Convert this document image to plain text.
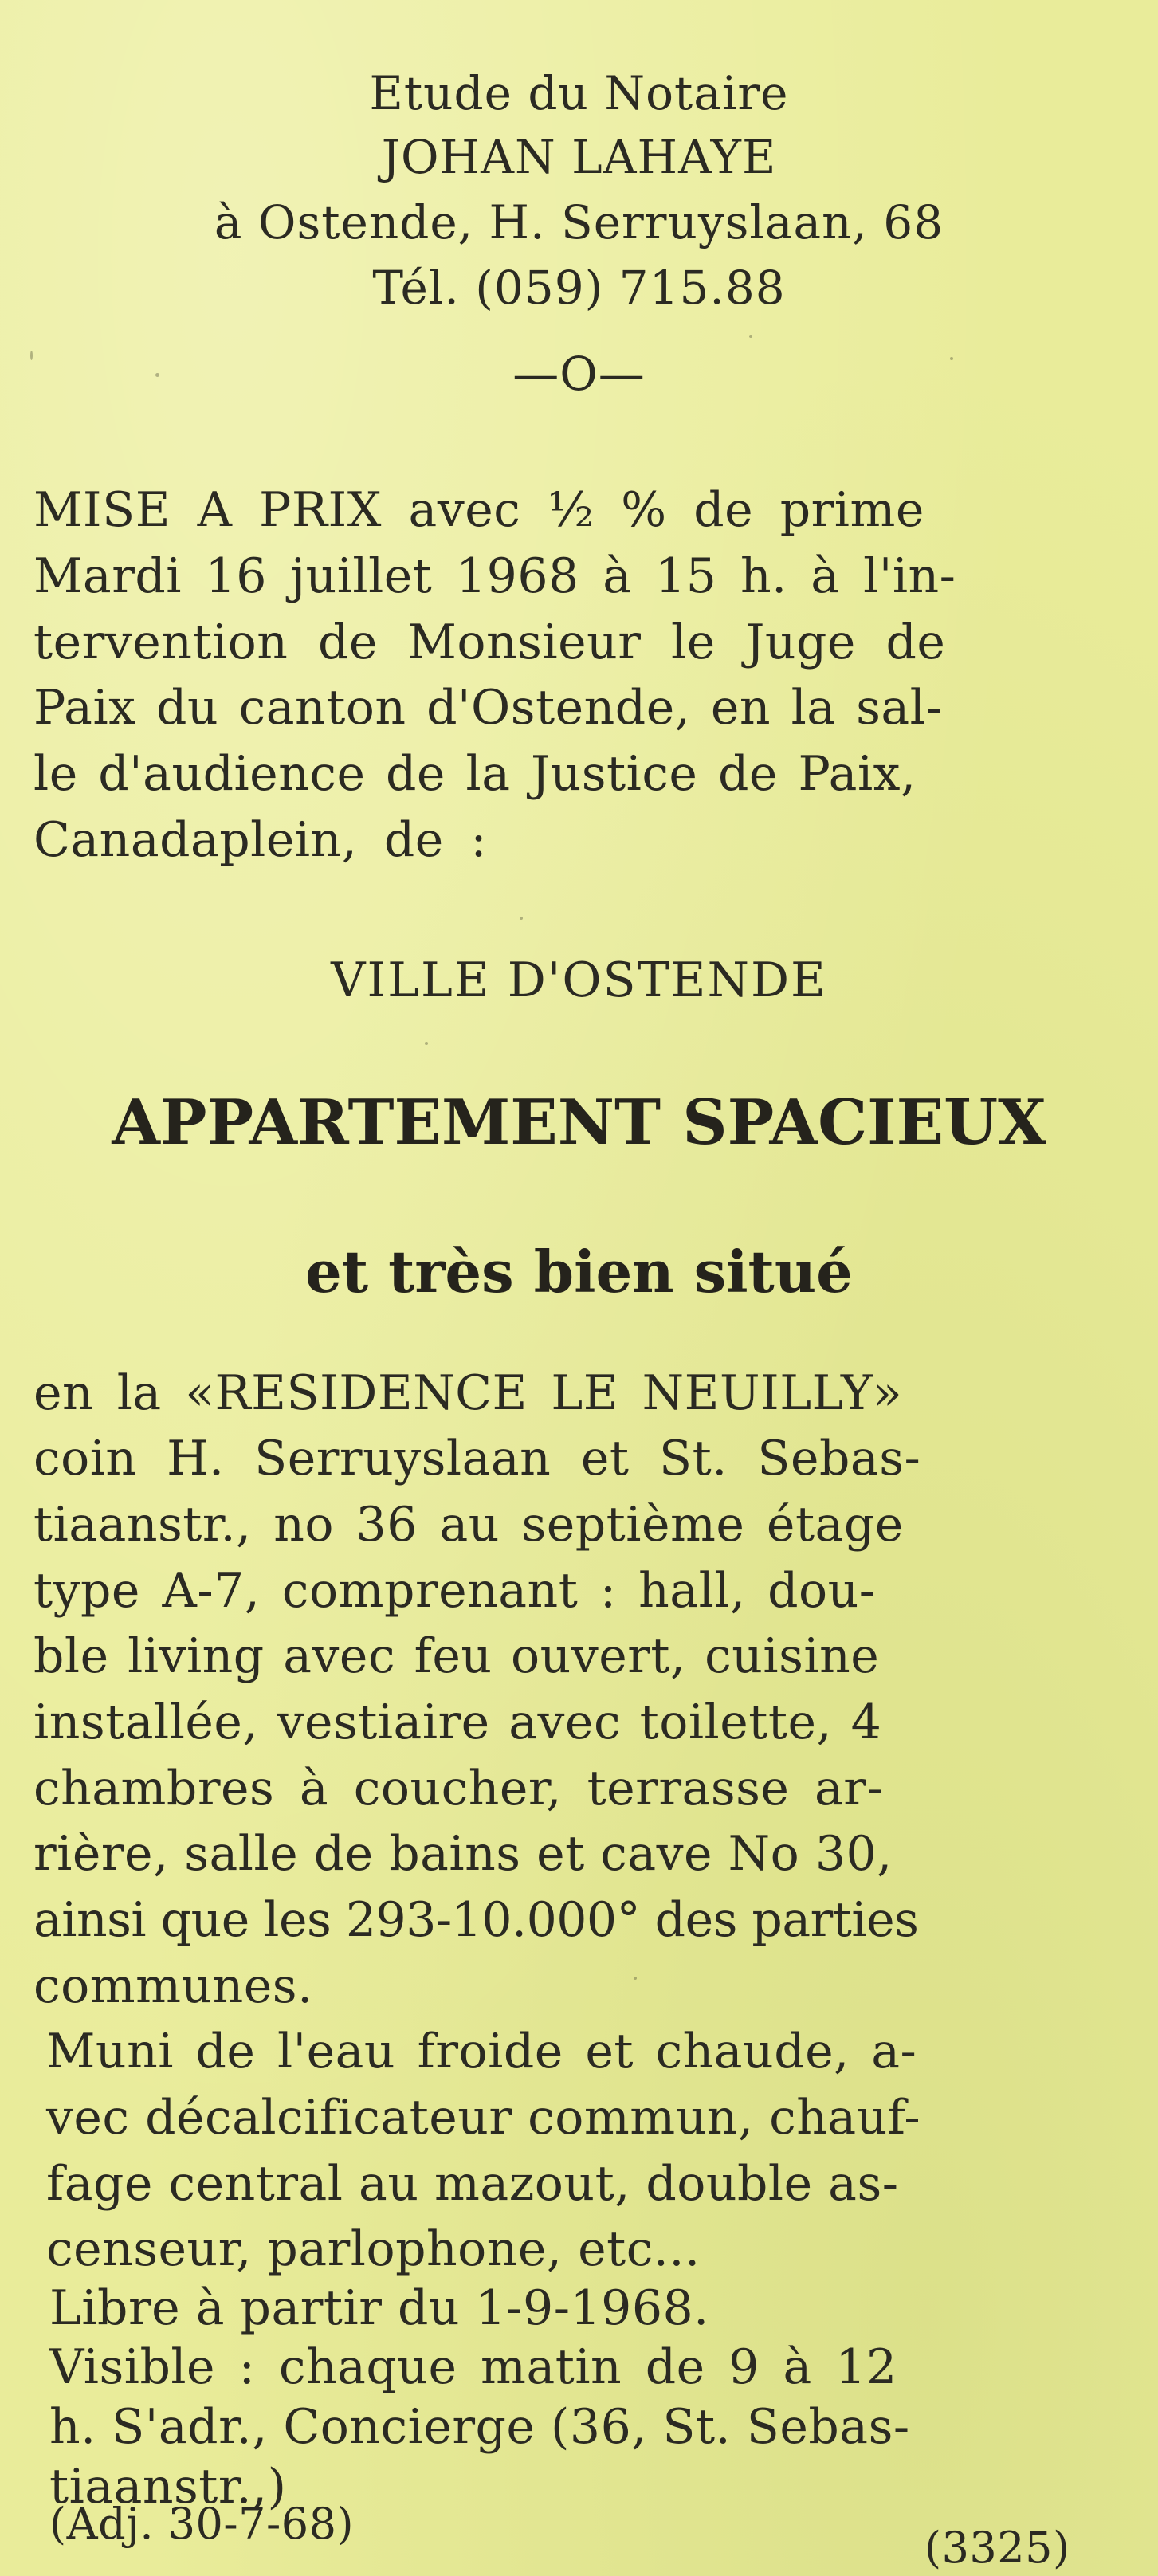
Etude du Notaire
JOHAN LAHAYE
à Ostende, H. Serruyslaan, 68
Tél. (059) 715.88
—O—
MISE A PRIX avec ½ % de prime
Mardi 16 juillet 1968 à 15 h. à l'in-
tervention de Monsieur le Juge de
Paix du canton d'Ostende, en la sal-
le d'audience de la Justice de Paix,
Canadaplein, de :
VILLE D'OSTENDE
APPARTEMENT SPACIEUX
et très bien situé
en la «RESIDENCE LE NEUILLY»
coin H. Serruyslaan et St. Sebas-
tiaanstr., no 36 au septième étage
type A-7, comprenant : hall, dou-
ble living avec feu ouvert, cuisine
installée, vestiaire avec toilette, 4
chambres à coucher, terrasse ar-
rière, salle de bains et cave No 30,
ainsi que les 293-10.000° des parties
communes.
Muni de l'eau froide et chaude, a-
vec décalcificateur commun, chauf-
fage central au mazout, double as-
censeur, parlophone, etc...
Libre à partir du 1-9-1968.
Visible : chaque matin de 9 à 12
h. S'adr., Concierge (36, St. Sebas-
tiaanstr.,)
(Adj. 30-7-68)	(3325)
